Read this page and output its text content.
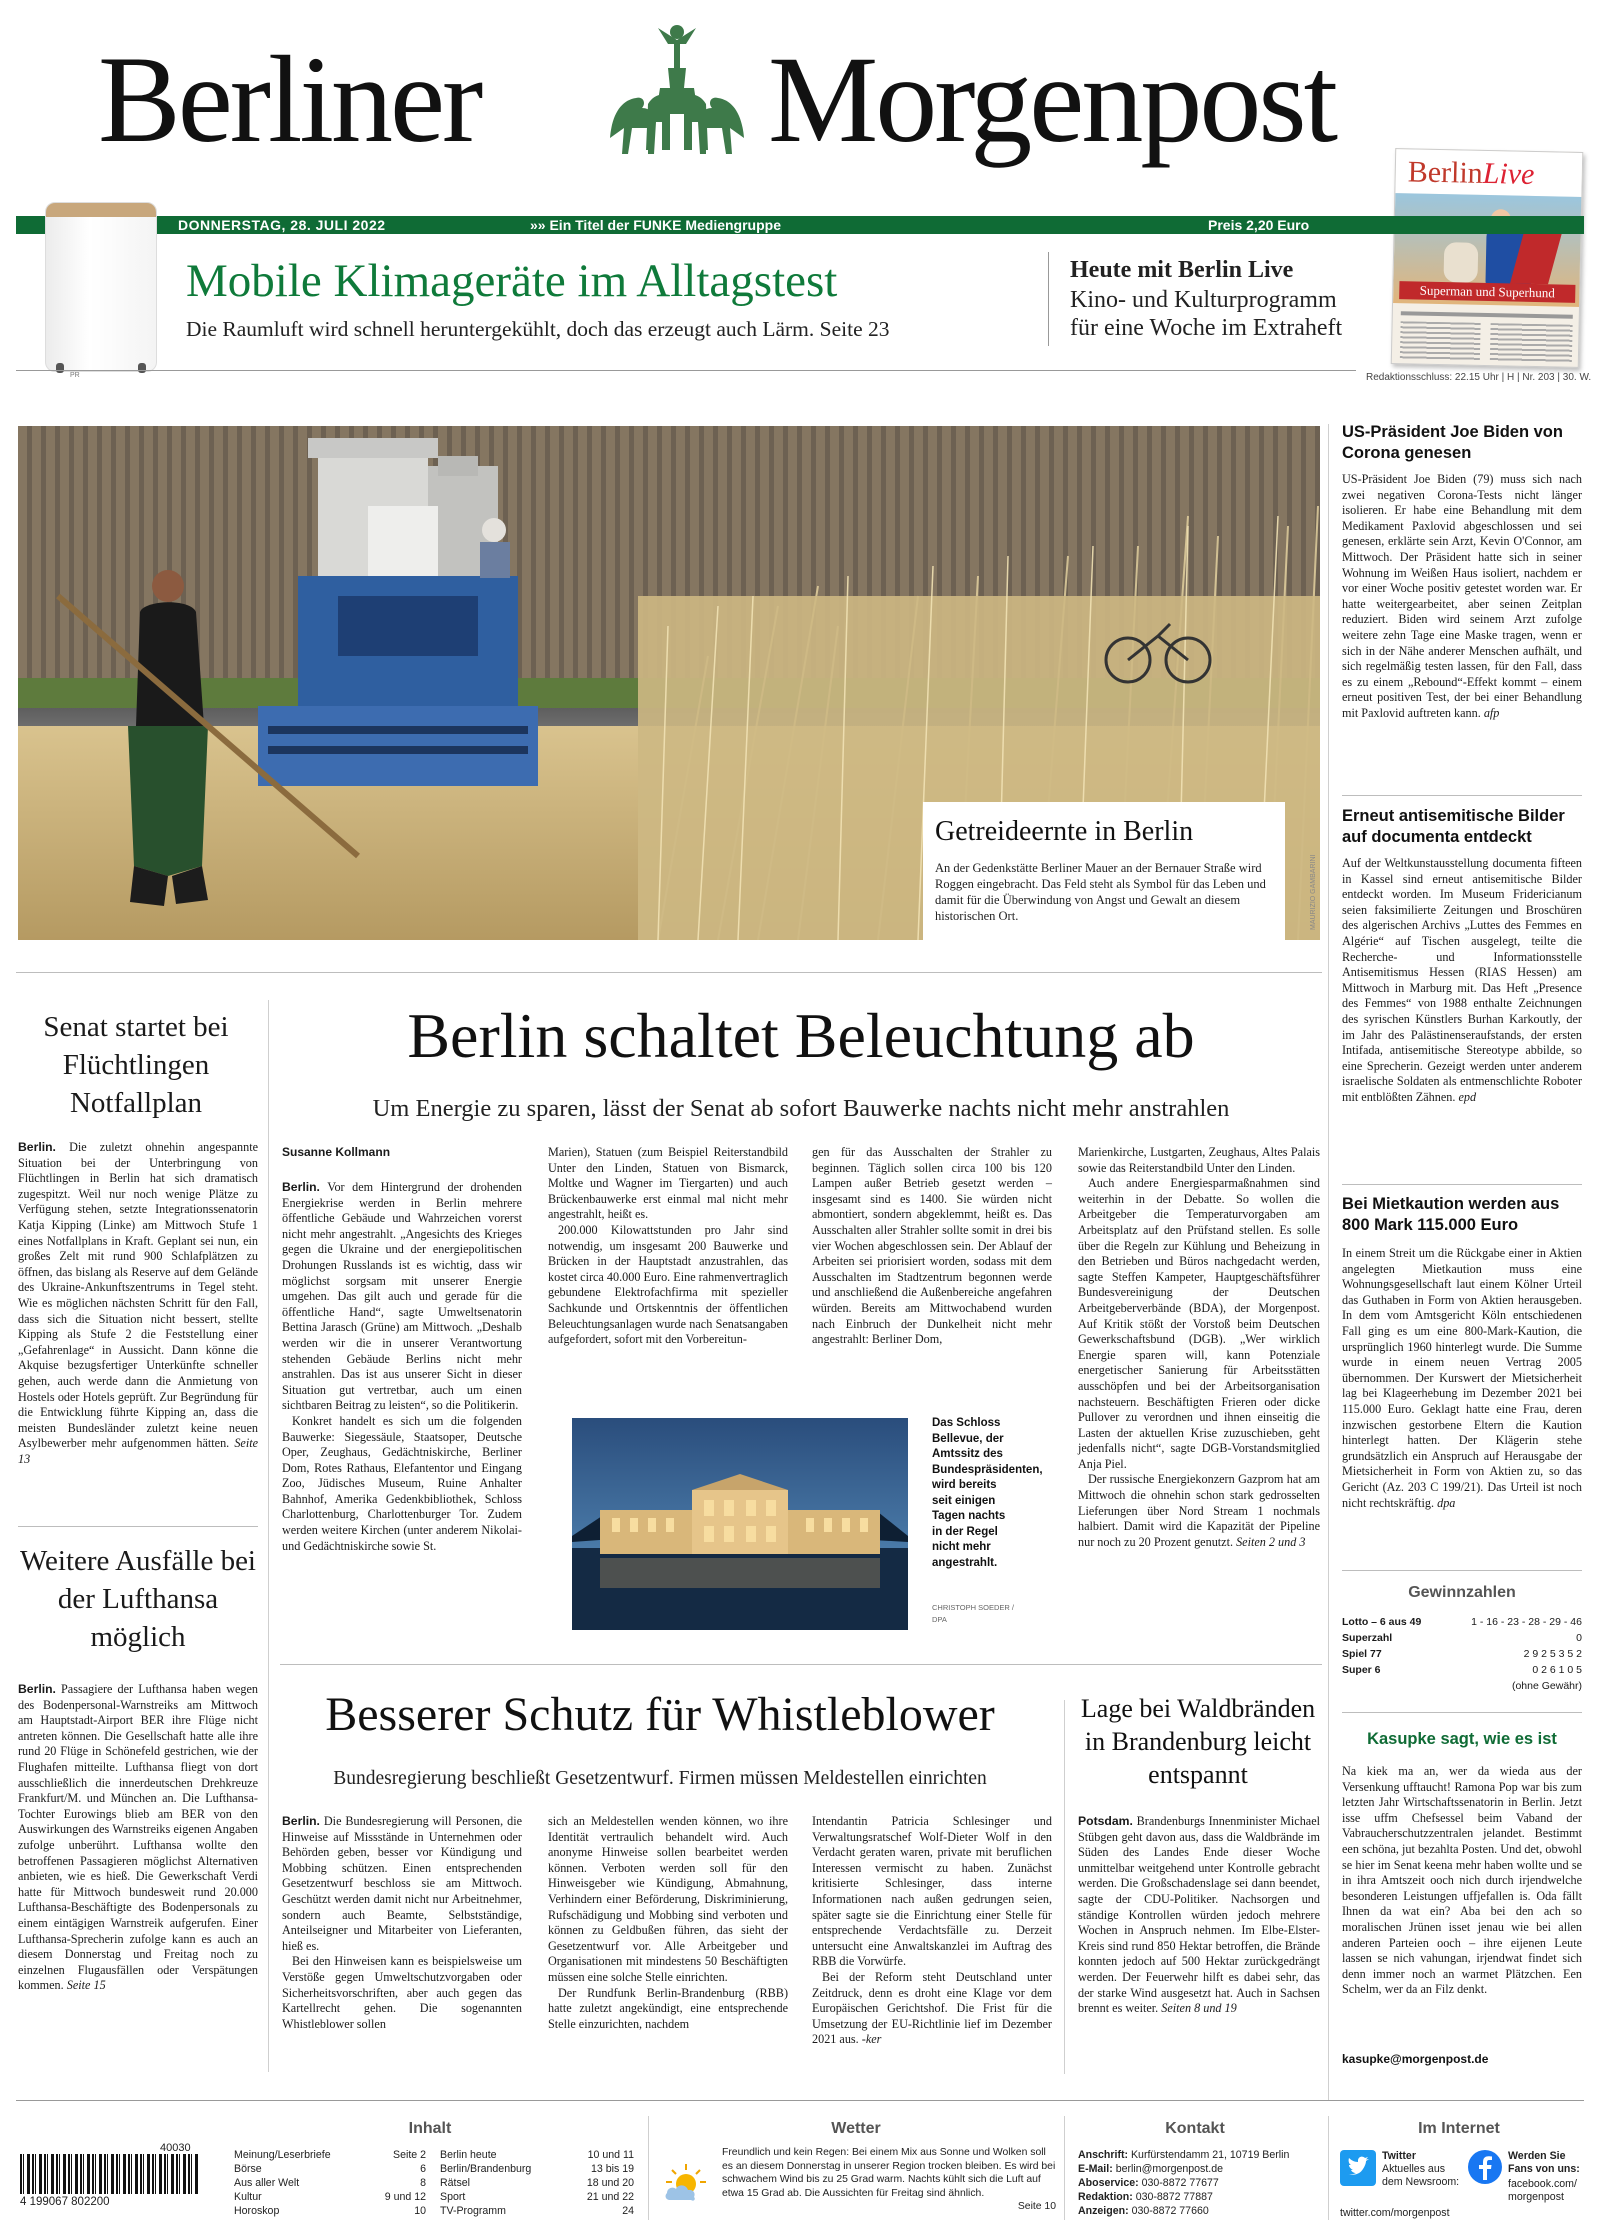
Berliner Morgenpost
BerlinLive
Superman und Superhund
DONNERSTAG, 28. JULI 2022	»» Ein Titel der FUNKE Mediengruppe	Preis 2,20 Euro
PR
Mobile Klimageräte im Alltagstest
Die Raumluft wird schnell heruntergekühlt, doch das erzeugt auch Lärm. Seite 23
Heute mit Berlin Live
Kino- und Kulturprogramm
für eine Woche im Extraheft
Redaktionsschluss: 22.15 Uhr | H | Nr. 203 | 30. W.
Getreideernte in Berlin
An der Gedenkstätte Berliner Mauer an der Bernauer Straße wird Roggen eingebracht. Das Feld steht als Symbol für das Leben und damit für die Überwindung von Angst und Gewalt an diesem historischen Ort.	MAURIZIO GAMBARINI
US-Präsident Joe Biden von Corona genesen

US-Präsident Joe Biden (79) muss sich nach zwei negativen Corona-Tests nicht länger isolieren. Er habe eine Behandlung mit dem Medikament Paxlovid abgeschlossen und sei genesen, erklärte sein Arzt, Kevin O'Connor, am Mittwoch. Der Präsident hatte sich in seiner Wohnung im Weißen Haus isoliert, nachdem er vor einer Woche positiv getestet worden war. Er hatte weitergearbeitet, aber seinen Zeitplan reduziert. Biden wird seinem Arzt zufolge weitere zehn Tage eine Maske tragen, wenn er sich in der Nähe anderer Menschen aufhält, und sich regelmäßig testen lassen, für den Fall, dass es zu einem „Rebound“-Effekt kommt – einem erneut positiven Test, der bei einer Behandlung mit Paxlovid auftreten kann. afp

Erneut antisemitische Bilder auf documenta entdeckt

Auf der Weltkunstausstellung documenta fifteen in Kassel sind erneut antisemitische Bilder entdeckt worden. Im Museum Fridericianum seien faksimilierte Zeitungen und Broschüren des algerischen Archivs „Luttes des Femmes en Algérie“ auf Tischen ausgelegt, teilte die Recherche- und Informationsstelle Antisemitismus Hessen (RIAS Hessen) am Mittwoch in Marburg mit. Das Heft „Presence des Femmes“ von 1988 enthalte Zeichnungen des syrischen Künstlers Burhan Karkoutly, der im Jahr des Palästinenseraufstands, der ersten Intifada, antisemitische Stereotype abbilde, so eine Sprecherin. Gezeigt werden unter anderem israelische Soldaten als entmenschlichte Roboter mit entblößten Zähnen. epd

Bei Mietkaution werden aus 800 Mark 115.000 Euro

In einem Streit um die Rückgabe einer in Aktien angelegten Mietkaution muss eine Wohnungsgesellschaft laut einem Kölner Urteil das Guthaben in Form von Aktien herausgeben. In dem vom Amtsgericht Köln entschiedenen Fall ging es um eine 800-Mark-Kaution, die ursprünglich 1960 hinterlegt wurde. Die Summe wurde in einem neuen Vertrag 2005 übernommen. Der Kurswert der Mietsicherheit lag bei Klageerhebung im Dezember 2021 bei 115.000 Euro. Geklagt hatte eine Frau, deren inzwischen gestorbene Eltern die Kaution hinterlegt hatten. Der Klägerin stehe grundsätzlich ein Anspruch auf Herausgabe der Mietsicherheit in Form von Aktien zu, so das Gericht (Az. 203 C 199/21). Das Urteil ist noch nicht rechtskräftig. dpa

Gewinnzahlen
Lotto – 6 aus 49	1 - 16 - 23 - 28 - 29 - 46
Superzahl	0
Spiel 77	2 9 2 5 3 5 2
Super 6	0 2 6 1 0 5
(ohne Gewähr)
Kasupke sagt, wie es ist

Na kiek ma an, wer da wieda aus der Versenkung ufftaucht! Ramona Pop war bis zum letzten Jahr Wirtschaftssenatorin in Berlin. Jetzt isse uffm Chefsessel beim Vaband der Vabraucherschutzzentralen jelandet. Bestimmt een schöna, jut bezahlta Posten. Und det, obwohl se hier im Senat keena mehr haben wollte und se in ihra Amtszeit ooch nich durch irjendwelche besonderen Leistungen uffjefallen is. Oda fällt Ihnen da wat ein? Aba bei den ach so moralischen Jrünen isset jenau wie bei allen anderen Parteien ooch – ihre eijenen Leute lassen se nich vahungan, irjendwat findet sich denn immer noch an warmet Plätzchen. Een Schelm, wer da an Filz denkt.

kasupke@morgenpost.de
Senat startet bei Flüchtlingen Notfallplan

Berlin. Die zuletzt ohnehin angespannte Situation bei der Unterbringung von Flüchtlingen in Berlin hat sich dramatisch zugespitzt. Weil nur noch wenige Plätze zu Verfügung stehen, setzte Integrationssenatorin Katja Kipping (Linke) am Mittwoch Stufe 1 eines Notfallplans in Kraft. Geplant sei nun, ein großes Zelt mit rund 900 Schlafplätzen zu öffnen, das bislang als Reserve auf dem Gelände des Ukraine-Ankunftszentrums in Tegel steht. Wie es möglichen nächsten Schritt für den Fall, dass sich die Situation nicht bessert, stellte Kipping als Stufe 2 die Feststellung einer „Gefahrenlage“ in Aussicht. Dann könne die Akquise bezugsfertiger Unterkünfte schneller gehen, auch werde dann die Anmietung von Hostels oder Hotels geprüft. Zur Begründung für die Entwicklung führte Kipping an, dass die meisten Bundesländer zuletzt keine neuen Asylbewerber mehr aufgenommen hätten. Seite 13

Weitere Ausfälle bei der Lufthansa möglich

Berlin. Passagiere der Lufthansa haben wegen des Bodenpersonal-Warnstreiks am Mittwoch am Hauptstadt-Airport BER ihre Flüge nicht antreten können. Die Gesellschaft hatte alle ihre rund 20 Flüge in Schönefeld gestrichen, wie der Flughafen mitteilte. Lufthansa fliegt von dort ausschließlich die innerdeutschen Drehkreuze Frankfurt/M. und München an. Die Lufthansa-Tochter Eurowings blieb am BER von den Auswirkungen des Warnstreiks eigenen Angaben zufolge unberührt. Lufthansa wollte den betroffenen Passagieren möglichst Alternativen anbieten, wie es hieß. Die Gewerkschaft Verdi hatte für Mittwoch bundesweit rund 20.000 Lufthansa-Beschäftigte des Bodenpersonals zu einem eintägigen Warnstreik aufgerufen. Einer Lufthansa-Sprecherin zufolge kann es auch an diesem Donnerstag und Freitag noch zu einzelnen Flugausfällen oder Verspätungen kommen. Seite 15

Berlin schaltet Beleuchtung ab
Um Energie zu sparen, lässt der Senat ab sofort Bauwerke nachts nicht mehr anstrahlen
Susanne Kollmann

Berlin. Vor dem Hintergrund der drohenden Energiekrise werden in Berlin mehrere öffentliche Gebäude und Wahrzeichen vorerst nicht mehr angestrahlt. „Angesichts des Krieges gegen die Ukraine und der energiepolitischen Drohungen Russlands ist es wichtig, dass wir möglichst sorgsam mit unserer Energie umgehen. Das gilt auch und gerade für die öffentliche Hand“, sagte Umweltsenatorin Bettina Jarasch (Grüne) am Mittwoch. „Deshalb werden wir die in unserer Verantwortung stehenden Gebäude Berlins nicht mehr anstrahlen. Das ist aus unserer Sicht in dieser Situation gut vertretbar, auch um einen sichtbaren Beitrag zu leisten“, so die Politikerin.

Konkret handelt es sich um die folgenden Bauwerke: Siegessäule, Staatsoper, Deutsche Oper, Zeughaus, Gedächtniskirche, Berliner Dom, Rotes Rathaus, Elefantentor und Eingang Zoo, Jüdisches Museum, Ruine Anhalter Bahnhof, Amerika Gedenkbibliothek, Schloss Charlottenburg, Charlottenburger Tor. Zudem werden weitere Kirchen (unter anderem Nikolai- und Gedächtniskirche sowie St.

Marien), Statuen (zum Beispiel Reiterstandbild Unter den Linden, Statuen von Bismarck, Moltke und Wagner im Tiergarten) und auch Brückenbauwerke erst einmal mal nicht mehr angestrahlt, heißt es.

200.000 Kilowattstunden pro Jahr sind notwendig, um insgesamt 200 Bauwerke und Brücken in der Hauptstadt anzustrahlen, das kostet circa 40.000 Euro. Eine rahmenvertraglich gebundene Elektrofachfirma mit spezieller Sachkunde und Ortskenntnis der öffentlichen Beleuchtungsanlagen wurde nach Senatsangaben aufgefordert, sofort mit den Vorbereitun-

gen für das Ausschalten der Strahler zu beginnen. Täglich sollen circa 100 bis 120 Lampen außer Betrieb gesetzt werden – insgesamt sind es 1400. Sie würden nicht abmontiert, sondern abgeklemmt, heißt es. Das Ausschalten aller Strahler sollte somit in drei bis vier Wochen abgeschlossen sein. Der Ablauf der Arbeiten sei priorisiert worden, sodass mit dem Ausschalten im Stadtzentrum begonnen werde und anschließend die Außenbereiche angefahren würden. Bereits am Mittwochabend wurden nach Einbruch der Dunkelheit nicht mehr angestrahlt: Berliner Dom,

Marienkirche, Lustgarten, Zeughaus, Altes Palais sowie das Reiterstandbild Unter den Linden.

Auch andere Energiesparmaßnahmen sind weiterhin in der Debatte. So wollen die Arbeitgeber die Temperaturvorgaben am Arbeitsplatz auf den Prüfstand stellen. Es solle über die Regeln zur Kühlung und Beheizung in den Betrieben und Büros nachgedacht werden, sagte Steffen Kampeter, Hauptgeschäftsführer Bundesvereinigung der Deutschen Arbeitgeberverbände (BDA), der Morgenpost. Auf Kritik stößt der Vorstoß beim Deutschen Gewerkschaftsbund (DGB). „Wer wirklich Energie sparen will, kann Potenziale energetischer Sanierung für Arbeitsstätten ausschöpfen und bei der Arbeitsorganisation nachsteuern. Beschäftigten Frieren oder dicke Pullover zu verordnen und ihnen einseitig die Lasten der aktuellen Krise zuzuschieben, geht jedenfalls nicht“, sagte DGB-Vorstandsmitglied Anja Piel.

Der russische Energiekonzern Gazprom hat am Mittwoch die ohnehin schon stark gedrosselten Lieferungen über Nord Stream 1 nochmals halbiert. Damit wird die Kapazität der Pipeline nur noch zu 20 Prozent genutzt. Seiten 2 und 3

Das Schloss Bellevue, der Amtssitz des Bundespräsidenten, wird bereits seit einigen Tagen nachts in der Regel nicht mehr angestrahlt.
CHRISTOPH SOEDER / DPA
Besserer Schutz für Whistleblower
Bundesregierung beschließt Gesetzentwurf. Firmen müssen Meldestellen einrichten

Berlin. Die Bundesregierung will Personen, die Hinweise auf Missstände in Unternehmen oder Behörden geben, besser vor Kündigung und Mobbing schützen. Einen entsprechenden Gesetzentwurf beschloss sie am Mittwoch. Geschützt werden damit nicht nur Arbeitnehmer, sondern auch Beamte, Selbstständige, Anteilseigner und Mitarbeiter von Lieferanten, hieß es.

Bei den Hinweisen kann es beispielsweise um Verstöße gegen Umweltschutzvorgaben oder Sicherheitsvorschriften, aber auch gegen das Kartellrecht gehen. Die sogenannten Whistleblower sollen

sich an Meldestellen wenden können, wo ihre Identität vertraulich behandelt wird. Auch anonyme Hinweise sollen bearbeitet werden können. Verboten werden soll für den Hinweisgeber wie Kündigung, Abmahnung, Verhindern einer Beförderung, Diskriminierung, Rufschädigung und Mobbing sind verboten und können zu Geldbußen führen, das sieht der Gesetzentwurf vor. Alle Arbeitgeber und Organisationen mit mindestens 50 Beschäftigten müssen eine solche Stelle einrichten.

Der Rundfunk Berlin-Brandenburg (RBB) hatte zuletzt angekündigt, eine entsprechende Stelle einzurichten, nachdem

Intendantin Patricia Schlesinger und Verwaltungsratschef Wolf-Dieter Wolf in den Verdacht geraten waren, private mit beruflichen Interessen vermischt zu haben. Zunächst kritisierte Schlesinger, dass interne Informationen nach außen gedrungen seien, später sagte sie die Einrichtung einer Stelle für entsprechende Verdachtsfälle zu. Derzeit untersucht eine Anwaltskanzlei im Auftrag des RBB die Vorwürfe.

Bei der Reform steht Deutschland unter Zeitdruck, denn es droht eine Klage vor dem Europäischen Gerichtshof. Die Frist für die Umsetzung der EU-Richtlinie lief im Dezember 2021 aus. -ker

Lage bei Waldbränden in Brandenburg leicht entspannt

Potsdam. Brandenburgs Innenminister Michael Stübgen geht davon aus, dass die Waldbrände im Süden des Landes Ende dieser Woche unmittelbar weitgehend unter Kontrolle gebracht werden. Die Großschadenslage sei dann beendet, sagte der CDU-Politiker. Nachsorgen und ständige Kontrollen würden jedoch mehrere Wochen in Anspruch nehmen. Im Elbe-Elster-Kreis sind rund 850 Hektar betroffen, die Brände konnten jedoch auf 500 Hektar zurückgedrängt werden. Der Feuerwehr hilft es dabei sehr, das der starke Wind ausgesetzt hat. Auch in Sachsen brennt es weiter. Seiten 8 und 19

Inhalt
40030
4 199067 802200
Meinung/Leserbriefe	Seite 2
Börse	6
Aus aller Welt	8
Kultur	9 und 12
Horoskop	10
Berlin heute	10 und 11
Berlin/Brandenburg	13 bis 19
Rätsel	18 und 20
Sport	21 und 22
TV-Programm	24
Wetter
Freundlich und kein Regen: Bei einem Mix aus Sonne und Wolken soll es an diesem Donnerstag in unserer Region trocken bleiben. Es wird bei schwachem Wind bis zu 25 Grad warm. Nachts kühlt sich die Luft auf etwa 15 Grad ab. Die Aussichten für Freitag sind ähnlich.
Seite 10
Kontakt
Anschrift: Kurfürstendamm 21, 10719 Berlin
E-Mail: berlin@morgenpost.de
Aboservice: 030-8872 77677
Redaktion: 030-8872 77887
Anzeigen: 030-8872 77660
Im Internet
Twitter
Aktuelles aus dem Newsroom:
Werden Sie Fans von uns:
facebook.com/ morgenpost
twitter.com/morgenpost
